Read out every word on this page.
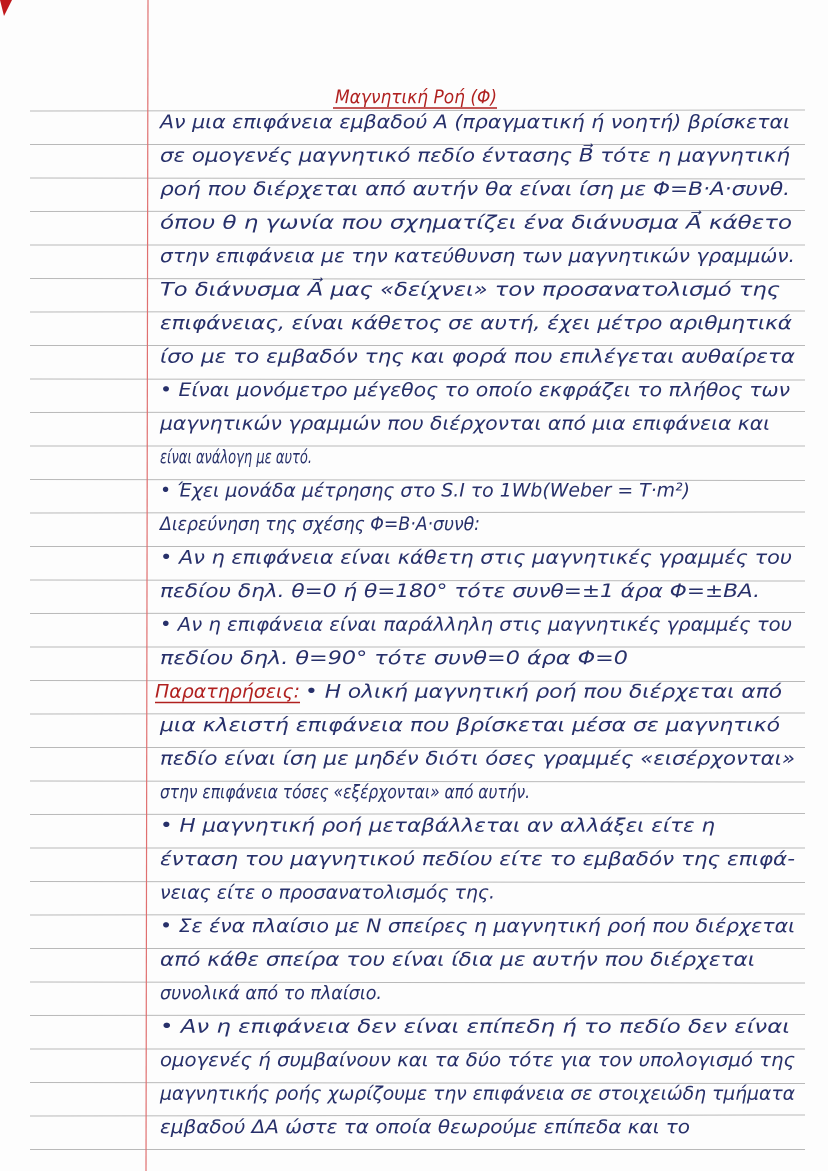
Μαγνητική Ροή (Φ)
Παρατηρήσεις:
Αν μια επιφάνεια εμβαδού Α (πραγματική ή νοητή) βρίσκεται
σε ομογενές μαγνητικό πεδίο έντασης B⃗ τότε η μαγνητική
ροή που διέρχεται από αυτήν θα είναι ίση με Φ=B·A·συνθ.
όπου θ η γωνία που σχηματίζει ένα διάνυσμα A⃗ κάθετο
στην επιφάνεια με την κατεύθυνση των μαγνητικών γραμμών.
Το διάνυσμα A⃗ μας «δείχνει» τον προσανατολισμό της
επιφάνειας, είναι κάθετος σε αυτή, έχει μέτρο αριθμητικά
ίσο με το εμβαδόν της και φορά που επιλέγεται αυθαίρετα
• Είναι μονόμετρο μέγεθος το οποίο εκφράζει το πλήθος των
μαγνητικών γραμμών που διέρχονται από μια επιφάνεια και
είναι ανάλογη με αυτό.
• Έχει μονάδα μέτρησης στο S.I το 1Wb(Weber = T·m²)
Διερεύνηση της σχέσης Φ=B·A·συνθ:
• Αν η επιφάνεια είναι κάθετη στις μαγνητικές γραμμές του
πεδίου δηλ. θ=0 ή θ=180° τότε συνθ=±1 άρα Φ=±BA.
• Αν η επιφάνεια είναι παράλληλη στις μαγνητικές γραμμές του
πεδίου δηλ. θ=90° τότε συνθ=0 άρα Φ=0
• Η ολική μαγνητική ροή που διέρχεται από
μια κλειστή επιφάνεια που βρίσκεται μέσα σε μαγνητικό
πεδίο είναι ίση με μηδέν διότι όσες γραμμές «εισέρχονται»
στην επιφάνεια τόσες «εξέρχονται» από αυτήν.
• Η μαγνητική ροή μεταβάλλεται αν αλλάξει είτε η
ένταση του μαγνητικού πεδίου είτε το εμβαδόν της επιφά-
νειας είτε ο προσανατολισμός της.
• Σε ένα πλαίσιο με Ν σπείρες η μαγνητική ροή που διέρχεται
από κάθε σπείρα του είναι ίδια με αυτήν που διέρχεται
συνολικά από το πλαίσιο.
• Αν η επιφάνεια δεν είναι επίπεδη ή το πεδίο δεν είναι
ομογενές ή συμβαίνουν και τα δύο τότε για τον υπολογισμό της
μαγνητικής ροής χωρίζουμε την επιφάνεια σε στοιχειώδη τμήματα
εμβαδού ΔΑ ώστε τα οποία θεωρούμε επίπεδα και το
